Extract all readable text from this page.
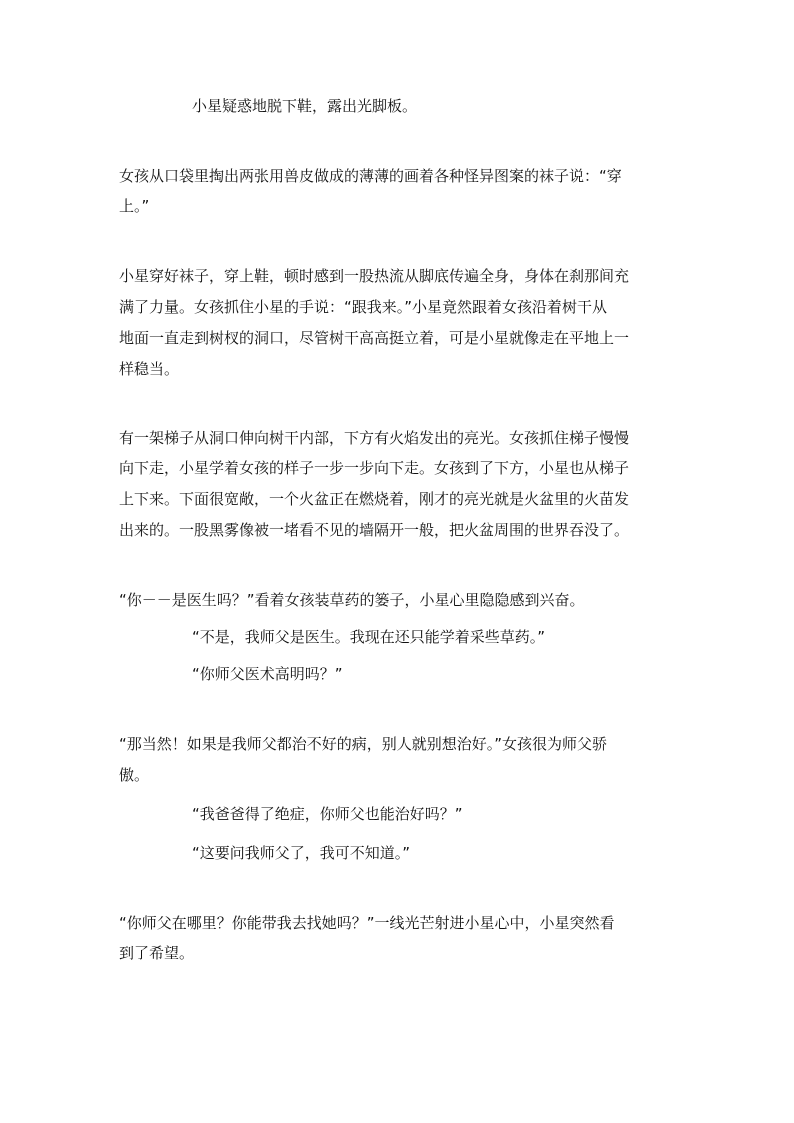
小星疑惑地脱下鞋，露出光脚板。
女孩从口袋里掏出两张用兽皮做成的薄薄的画着各种怪异图案的袜子说：“穿
上。”
小星穿好袜子，穿上鞋，顿时感到一股热流从脚底传遍全身，身体在刹那间充
满了力量。女孩抓住小星的手说：“跟我来。”小星竟然跟着女孩沿着树干从
地面一直走到树杈的洞口，尽管树干高高挺立着，可是小星就像走在平地上一
样稳当。
有一架梯子从洞口伸向树干内部，下方有火焰发出的亮光。女孩抓住梯子慢慢
向下走，小星学着女孩的样子一步一步向下走。女孩到了下方，小星也从梯子
上下来。下面很宽敞，一个火盆正在燃烧着，刚才的亮光就是火盆里的火苗发
出来的。一股黑雾像被一堵看不见的墙隔开一般，把火盆周围的世界吞没了。
“你－－是医生吗？”看着女孩装草药的篓子，小星心里隐隐感到兴奋。
“不是，我师父是医生。我现在还只能学着采些草药。”
“你师父医术高明吗？”
“那当然！如果是我师父都治不好的病，别人就别想治好。”女孩很为师父骄
傲。
“我爸爸得了绝症，你师父也能治好吗？”
“这要问我师父了，我可不知道。”
“你师父在哪里？你能带我去找她吗？”一线光芒射进小星心中，小星突然看
到了希望。
